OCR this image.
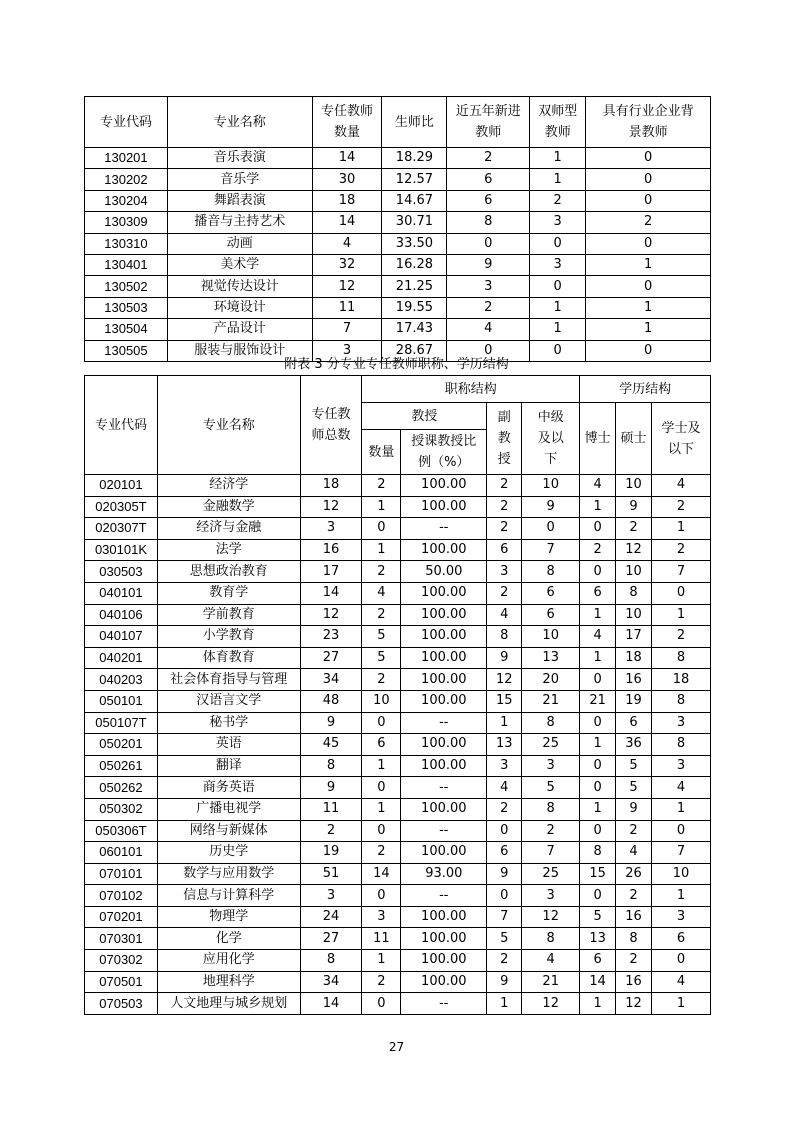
专业代码	专业名称	专任教师数量	生师比	近五年新进教师	双师型教师	具有行业企业背景教师
130201	音乐表演	14	18.29	2	1	0
130202	音乐学	30	12.57	6	1	0
130204	舞蹈表演	18	14.67	6	2	0
130309	播音与主持艺术	14	30.71	8	3	2
130310	动画	4	33.50	0	0	0
130401	美术学	32	16.28	9	3	1
130502	视觉传达设计	12	21.25	3	0	0
130503	环境设计	11	19.55	2	1	1
130504	产品设计	7	17.43	4	1	1
130505	服装与服饰设计	3	28.67	0	0	0
附表 3 分专业专任教师职称、学历结构
专业代码	专业名称	专任教师总数	职称结构				学历结构		
			教授		副教授	中级及以下	博士	硕士	学士及以下
			数量	授课教授比例（%）					
020101	经济学	18	2	100.00	2	10	4	10	4
020305T	金融数学	12	1	100.00	2	9	1	9	2
020307T	经济与金融	3	0	--	2	0	0	2	1
030101K	法学	16	1	100.00	6	7	2	12	2
030503	思想政治教育	17	2	50.00	3	8	0	10	7
040101	教育学	14	4	100.00	2	6	6	8	0
040106	学前教育	12	2	100.00	4	6	1	10	1
040107	小学教育	23	5	100.00	8	10	4	17	2
040201	体育教育	27	5	100.00	9	13	1	18	8
040203	社会体育指导与管理	34	2	100.00	12	20	0	16	18
050101	汉语言文学	48	10	100.00	15	21	21	19	8
050107T	秘书学	9	0	--	1	8	0	6	3
050201	英语	45	6	100.00	13	25	1	36	8
050261	翻译	8	1	100.00	3	3	0	5	3
050262	商务英语	9	0	--	4	5	0	5	4
050302	广播电视学	11	1	100.00	2	8	1	9	1
050306T	网络与新媒体	2	0	--	0	2	0	2	0
060101	历史学	19	2	100.00	6	7	8	4	7
070101	数学与应用数学	51	14	93.00	9	25	15	26	10
070102	信息与计算科学	3	0	--	0	3	0	2	1
070201	物理学	24	3	100.00	7	12	5	16	3
070301	化学	27	11	100.00	5	8	13	8	6
070302	应用化学	8	1	100.00	2	4	6	2	0
070501	地理科学	34	2	100.00	9	21	14	16	4
070503	人文地理与城乡规划	14	0	--	1	12	1	12	1
27
